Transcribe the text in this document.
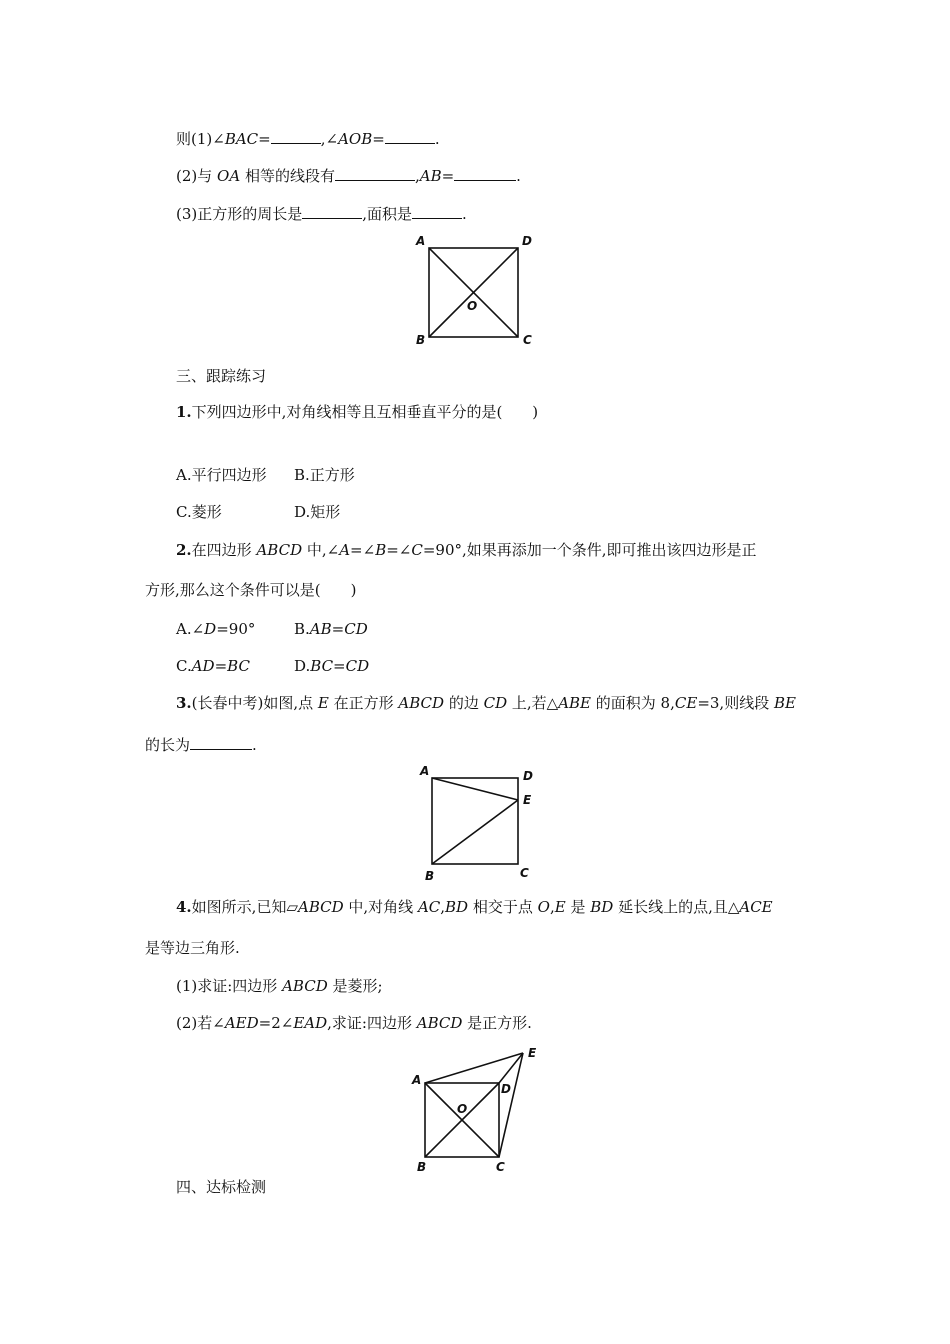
则(1)∠BAC=	,∠AOB=	.
(2)与 OA 相等的线段有	,AB=	.
(3)正方形的周长是	,面积是	.
A	D
B	C
O
三、跟踪练习
1.下列四边形中,对角线相等且互相垂直平分的是(　　)
A.平行四边形 B.正方形
C.菱形	D.矩形
2.在四边形 ABCD 中,∠A=∠B=∠C=90°,如果再添加一个条件,即可推出该四边形是正
方形,那么这个条件可以是(　　)
A.∠D=90°	B.AB=CD
C.AD=BC	D.BC=CD
3.(长春中考)如图,点 E 在正方形 ABCD 的边 CD 上,若△ABE 的面积为 8,CE=3,则线段 BE
的长为	.
A	D
E
B	C
4.如图所示,已知▱ABCD 中,对角线 AC,BD 相交于点 O,E 是 BD 延长线上的点,且△ACE
是等边三角形.
(1)求证:四边形 ABCD 是菱形;
(2)若∠AED=2∠EAD,求证:四边形 ABCD 是正方形.
A
D
E
B	C
O
四、达标检测
